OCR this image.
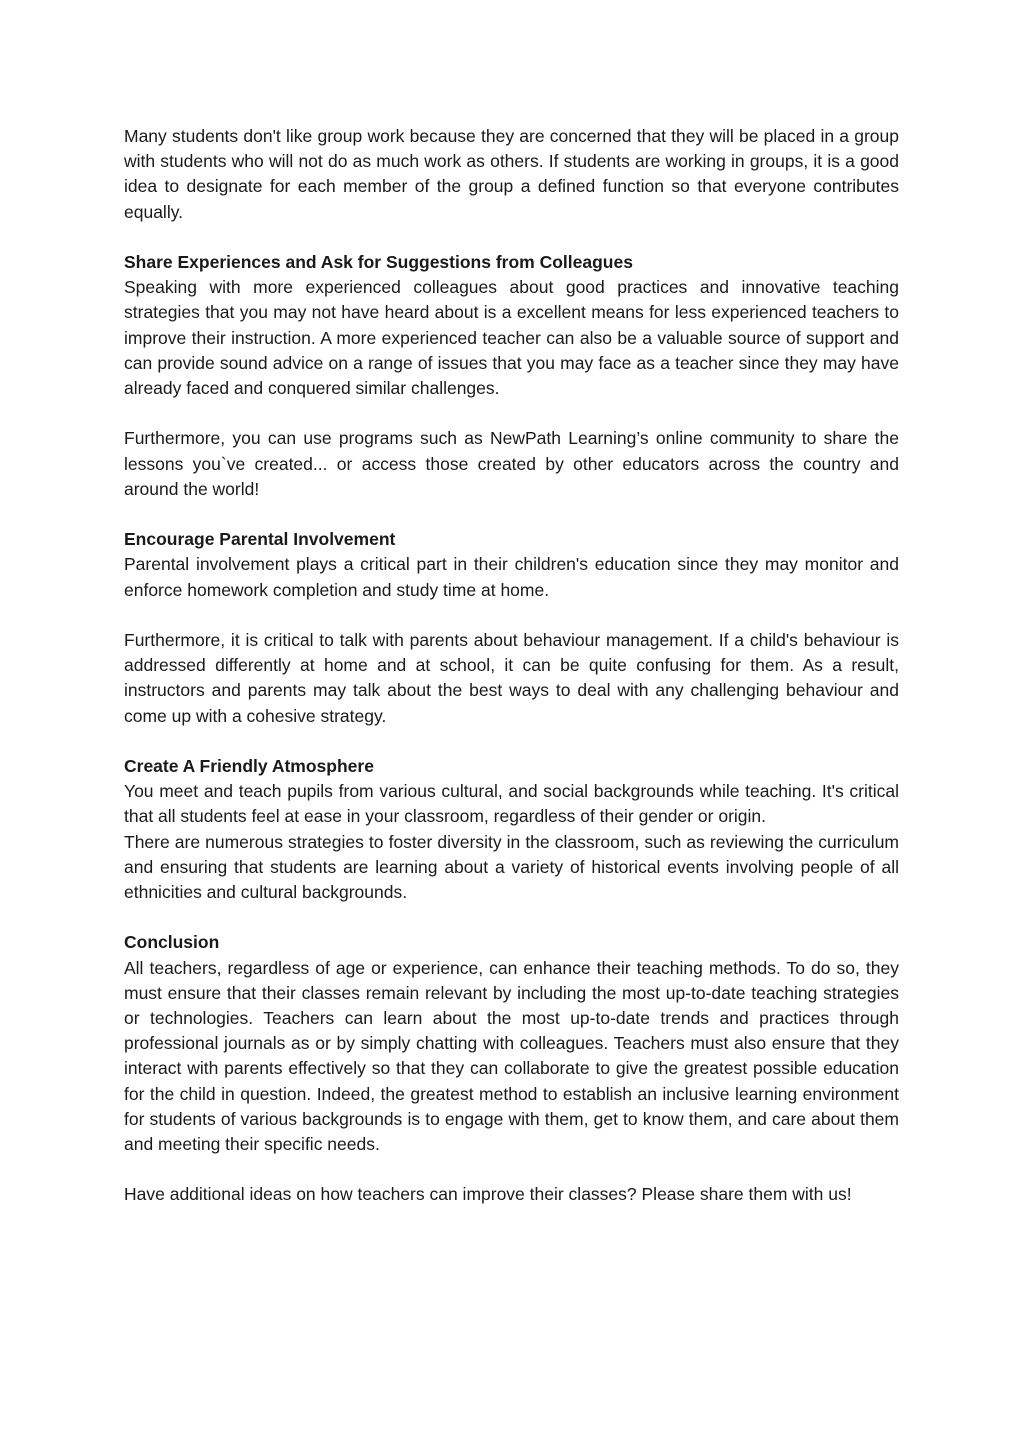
Many students don't like group work because they are concerned that they will be placed in a group with students who will not do as much work as others. If students are working in groups, it is a good idea to designate for each member of the group a defined function so that everyone contributes equally.

Share Experiences and Ask for Suggestions from Colleagues

Speaking with more experienced colleagues about good practices and innovative teaching strategies that you may not have heard about is a excellent means for less experienced teachers to improve their instruction. A more experienced teacher can also be a valuable source of support and can provide sound advice on a range of issues that you may face as a teacher since they may have already faced and conquered similar challenges.

Furthermore, you can use programs such as NewPath Learning’s online community to share the lessons you`ve created... or access those created by other educators across the country and around the world!

Encourage Parental Involvement

Parental involvement plays a critical part in their children's education since they may monitor and enforce homework completion and study time at home.

Furthermore, it is critical to talk with parents about behaviour management. If a child's behaviour is addressed differently at home and at school, it can be quite confusing for them. As a result, instructors and parents may talk about the best ways to deal with any challenging behaviour and come up with a cohesive strategy.

Create A Friendly Atmosphere

You meet and teach pupils from various cultural, and social backgrounds while teaching. It's critical that all students feel at ease in your classroom, regardless of their gender or origin.

There are numerous strategies to foster diversity in the classroom, such as reviewing the curriculum and ensuring that students are learning about a variety of historical events involving people of all ethnicities and cultural backgrounds.

Conclusion

All teachers, regardless of age or experience, can enhance their teaching methods. To do so, they must ensure that their classes remain relevant by including the most up-to-date teaching strategies or technologies. Teachers can learn about the most up-to-date trends and practices through professional journals as or by simply chatting with colleagues. Teachers must also ensure that they interact with parents effectively so that they can collaborate to give the greatest possible education for the child in question. Indeed, the greatest method to establish an inclusive learning environment for students of various backgrounds is to engage with them, get to know them, and care about them and meeting their specific needs.

Have additional ideas on how teachers can improve their classes? Please share them with us!
